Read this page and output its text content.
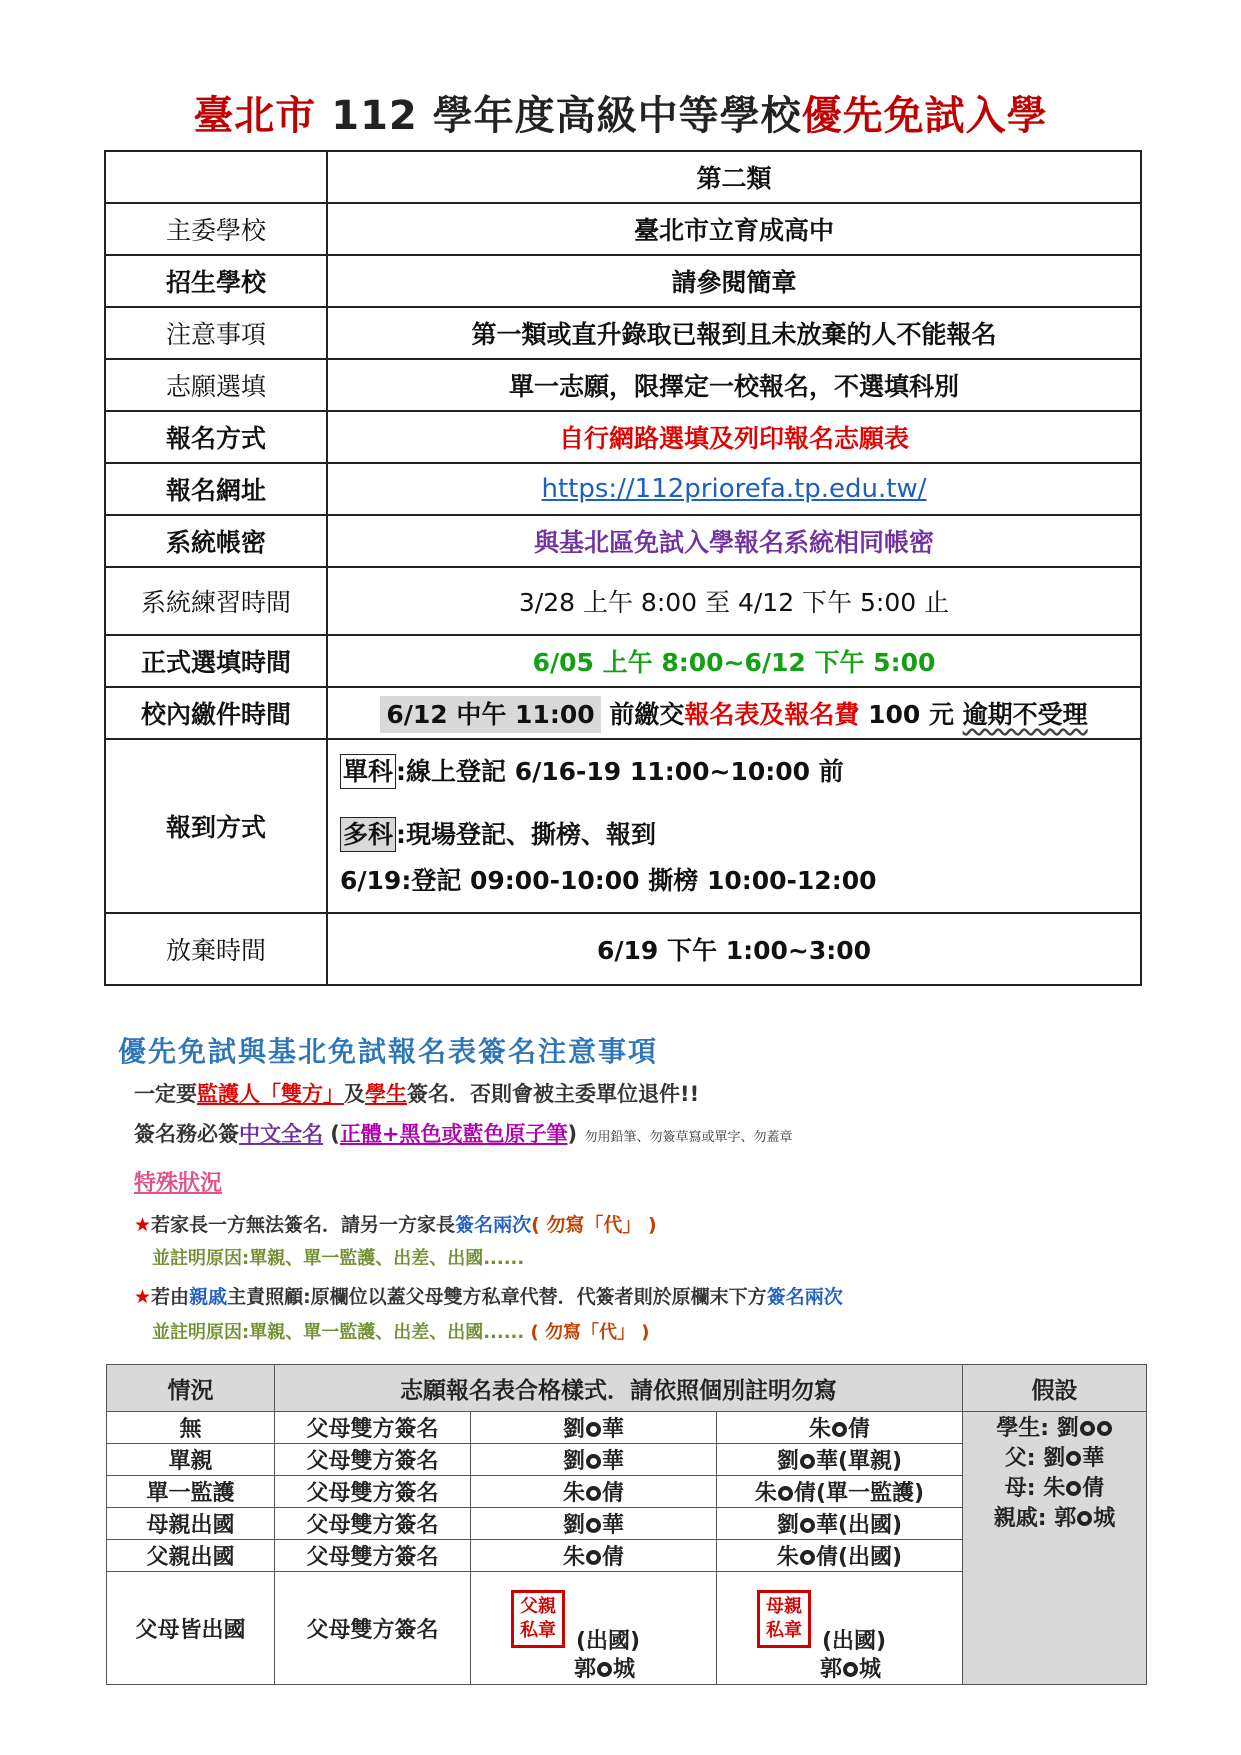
臺北市 112 學年度高級中等學校優先免試入學
	第二類
主委學校	臺北市立育成高中
招生學校	請參閱簡章
注意事項	第一類或直升錄取已報到且未放棄的人不能報名
志願選填	單一志願，限擇定一校報名，不選填科別
報名方式	自行網路選填及列印報名志願表
報名網址	https://112priorefa.tp.edu.tw/
系統帳密	與基北區免試入學報名系統相同帳密
系統練習時間	3/28 上午 8:00 至 4/12 下午 5:00 止
正式選填時間	6/05 上午 8:00~6/12 下午 5:00
校內繳件時間	6/12 中午 11:00 前繳交報名表及報名費 100 元 逾期不受理
報到方式	單科 :線上登記 6/16-19 11:00~10:00 前
多科 :現場登記、撕榜、報到
6/19:登記 09:00-10:00 撕榜 10:00-12:00

放棄時間	6/19 下午 1:00~3:00
優先免試與基北免試報名表簽名注意事項
一定要監護人「雙方」及學生簽名．否則會被主委單位退件!!
簽名務必簽中文全名 (正體+黑色或藍色原子筆) 勿用鉛筆、勿簽草寫或單字、勿蓋章
特殊狀況
★若家長一方無法簽名．請另一方家長簽名兩次( 勿寫「代」 )
並註明原因:單親、單一監護、出差、出國......
★若由親戚主責照顧:原欄位以蓋父母雙方私章代替．代簽者則於原欄末下方簽名兩次
並註明原因:單親、單一監護、出差、出國...... ( 勿寫「代」 )
情況	志願報名表合格樣式．請依照個別註明勿寫			假設
無	父母雙方簽名	劉 華	朱 倩	學生: 劉
父: 劉 華
母: 朱 倩
親戚: 郭 城

單親	父母雙方簽名	劉 華	劉 華(單親)	
單一監護	父母雙方簽名	朱 倩	朱 倩(單一監護)	
母親出國	父母雙方簽名	劉 華	劉 華(出國)	
父親出國	父母雙方簽名	朱 倩	朱 倩(出國)	
父母皆出國	父母雙方簽名	父親
私章 (出國)
郭 城	母親
私章 (出國)
郭 城	
